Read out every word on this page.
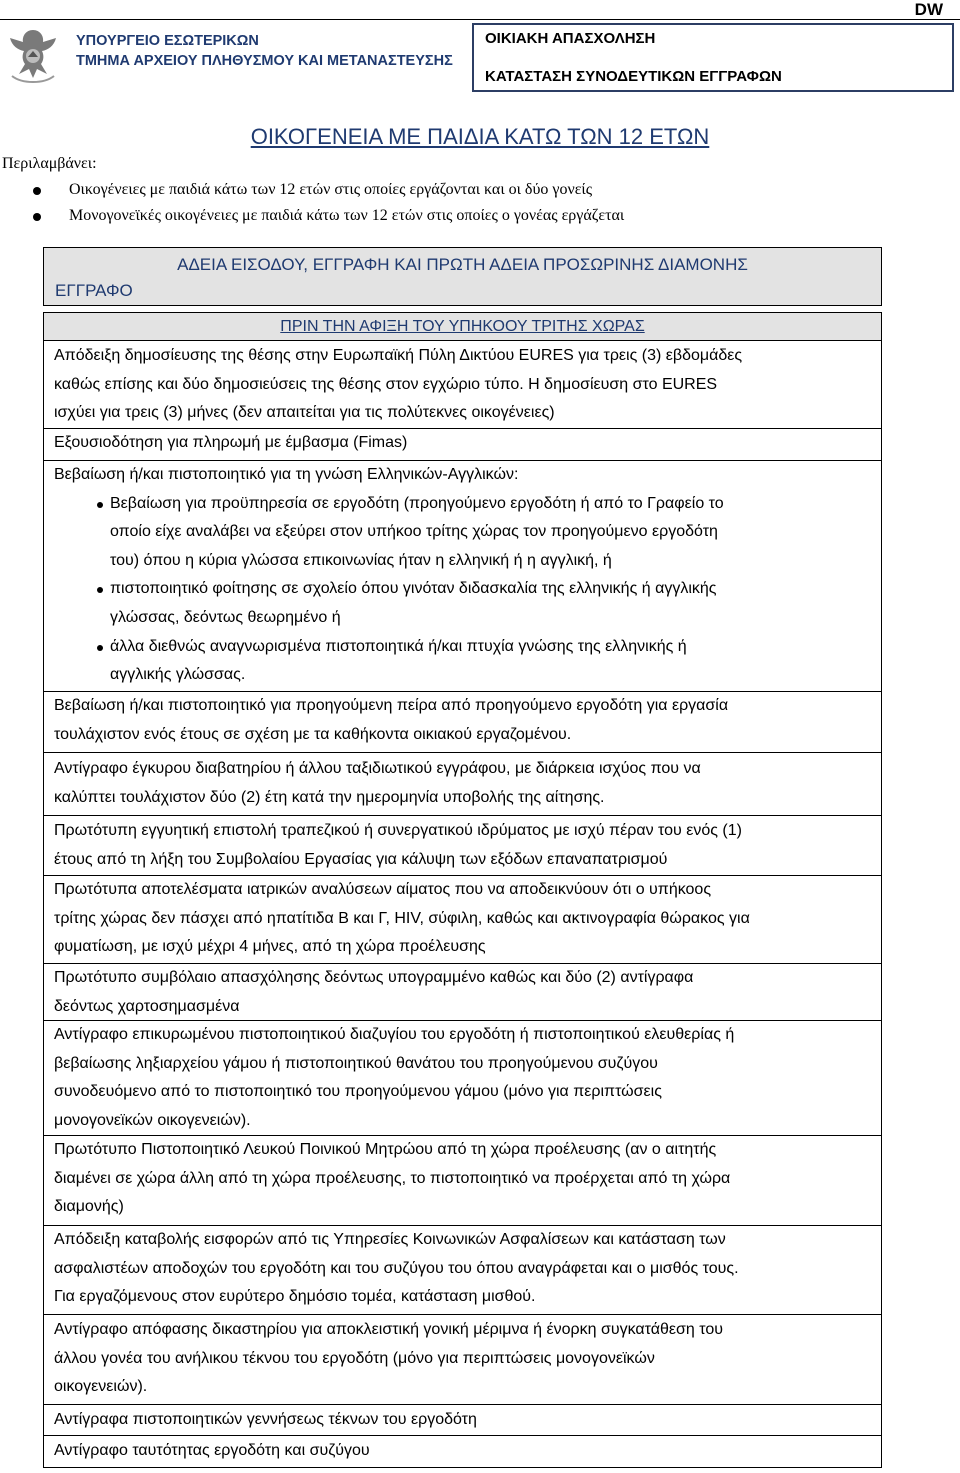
DW
ΥΠΟΥΡΓΕΙΟ ΕΣΩΤΕΡΙΚΩΝ
ΤΜΗΜΑ ΑΡΧΕΙΟΥ ΠΛΗΘΥΣΜΟΥ ΚΑΙ ΜΕΤΑΝΑΣΤΕΥΣΗΣ
ΟΙΚΙΑΚΗ ΑΠΑΣΧΟΛΗΣΗ
ΚΑΤΑΣΤΑΣΗ ΣΥΝΟΔΕΥΤΙΚΩΝ ΕΓΓΡΑΦΩΝ
ΟΙΚΟΓΕΝΕΙΑ ΜΕ ΠΑΙΔΙΑ ΚΑΤΩ ΤΩΝ 12 ΕΤΩΝ
Περιλαμβάνει:
Οικογένειες με παιδιά κάτω των 12 ετών στις οποίες εργάζονται και οι δύο γονείς
Μονογονεϊκές οικογένειες με παιδιά κάτω των 12 ετών στις οποίες ο γονέας εργάζεται
ΑΔΕΙΑ ΕΙΣΟΔΟΥ, ΕΓΓΡΑΦΗ ΚΑΙ ΠΡΩΤΗ ΑΔΕΙΑ ΠΡΟΣΩΡΙΝΗΣ ΔΙΑΜΟΝΗΣ
ΕΓΓΡΑΦΟ
ΠΡΙΝ ΤΗΝ ΑΦΙΞΗ ΤΟΥ ΥΠΗΚΟΟΥ ΤΡΙΤΗΣ ΧΩΡΑΣ

Απόδειξη δημοσίευσης της θέσης στην Ευρωπαϊκή Πύλη Δικτύου EURES για τρεις (3) εβδομάδες

καθώς επίσης και δύο δημοσιεύσεις της θέσης στον εγχώριο τύπο. Η δημοσίευση στο EURES

ισχύει για τρεις (3) μήνες (δεν απαιτείται για τις πολύτεκνες οικογένειες)

Εξουσιοδότηση για πληρωμή με έμβασμα (Fimas)

Βεβαίωση ή/και πιστοποιητικό για τη γνώση Ελληνικών-Αγγλικών:

Βεβαίωση για προϋπηρεσία σε εργοδότη (προηγούμενο εργοδότη ή από το Γραφείο το

οποίο είχε αναλάβει να εξεύρει στον υπήκοο τρίτης χώρας τον προηγούμενο εργοδότη

του) όπου η κύρια γλώσσα επικοινωνίας ήταν η ελληνική ή η αγγλική, ή

πιστοποιητικό φοίτησης σε σχολείο όπου γινόταν διδασκαλία της ελληνικής ή αγγλικής

γλώσσας, δεόντως θεωρημένο ή

άλλα διεθνώς αναγνωρισμένα πιστοποιητικά ή/και πτυχία γνώσης της ελληνικής ή

αγγλικής γλώσσας.

Βεβαίωση ή/και πιστοποιητικό για προηγούμενη πείρα από προηγούμενο εργοδότη για εργασία

τουλάχιστον ενός έτους σε σχέση με τα καθήκοντα οικιακού εργαζομένου.

Αντίγραφο έγκυρου διαβατηρίου ή άλλου ταξιδιωτικού εγγράφου, με διάρκεια ισχύος που να

καλύπτει τουλάχιστον δύο (2) έτη κατά την ημερομηνία υποβολής της αίτησης.

Πρωτότυπη εγγυητική επιστολή τραπεζικού ή συνεργατικού ιδρύματος με ισχύ πέραν του ενός (1)

έτους από τη λήξη του Συμβολαίου Εργασίας για κάλυψη των εξόδων επαναπατρισμού

Πρωτότυπα αποτελέσματα ιατρικών αναλύσεων αίματος που να αποδεικνύουν ότι ο υπήκοος

τρίτης χώρας δεν πάσχει από ηπατίτιδα Β και Γ, HIV, σύφιλη, καθώς και ακτινογραφία θώρακος για

φυματίωση, με ισχύ μέχρι 4 μήνες, από τη χώρα προέλευσης

Πρωτότυπο συμβόλαιο απασχόλησης δεόντως υπογραμμένο καθώς και δύο (2) αντίγραφα

δεόντως χαρτοσημασμένα

Αντίγραφο επικυρωμένου πιστοποιητικού διαζυγίου του εργοδότη ή πιστοποιητικού ελευθερίας ή

βεβαίωσης ληξιαρχείου γάμου ή πιστοποιητικού θανάτου του προηγούμενου συζύγου

συνοδευόμενο από το πιστοποιητικό του προηγούμενου γάμου (μόνο για περιπτώσεις

μονογονεϊκών οικογενειών).

Πρωτότυπο Πιστοποιητικό Λευκού Ποινικού Μητρώου από τη χώρα προέλευσης (αν ο αιτητής

διαμένει σε χώρα άλλη από τη χώρα προέλευσης, το πιστοποιητικό να προέρχεται από τη χώρα

διαμονής)

Απόδειξη καταβολής εισφορών από τις Υπηρεσίες Κοινωνικών Ασφαλίσεων και κατάσταση των

ασφαλιστέων αποδοχών του εργοδότη και του συζύγου του όπου αναγράφεται και ο μισθός τους.

Για εργαζόμενους στον ευρύτερο δημόσιο τομέα, κατάσταση μισθού.

Αντίγραφο απόφασης δικαστηρίου για αποκλειστική γονική μέριμνα ή ένορκη συγκατάθεση του

άλλου γονέα του ανήλικου τέκνου του εργοδότη (μόνο για περιπτώσεις μονογονεϊκών

οικογενειών).

Αντίγραφα πιστοποιητικών γεννήσεως τέκνων του εργοδότη

Αντίγραφο ταυτότητας εργοδότη και συζύγου
